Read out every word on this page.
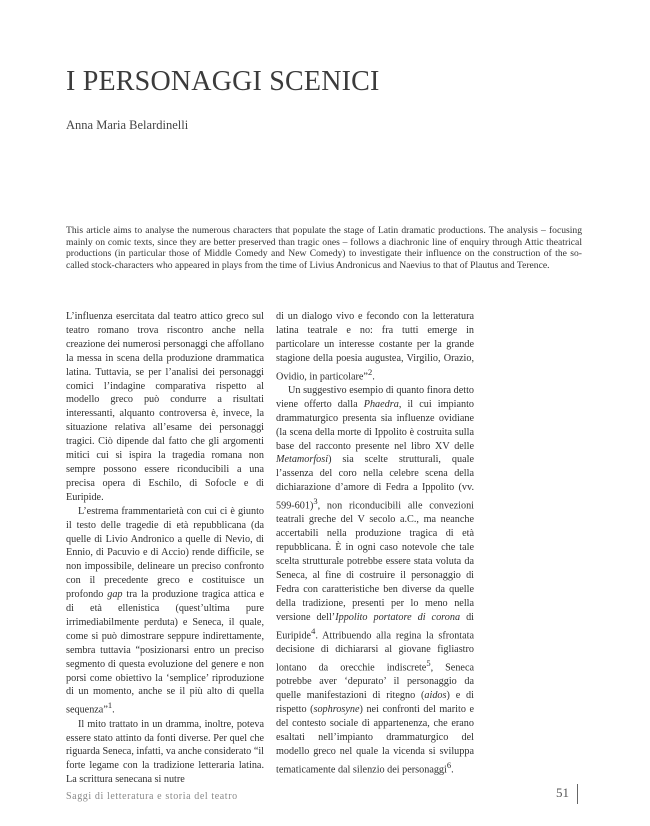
I PERSONAGGI SCENICI
Anna Maria Belardinelli

This article aims to analyse the numerous characters that populate the stage of Latin dramatic productions. The analysis – focusing mainly on comic texts, since they are better preserved than tragic ones – follows a diachronic line of enquiry through Attic theatrical productions (in particular those of Middle Comedy and New Comedy) to investigate their influence on the construction of the so-called stock-characters who appeared in plays from the time of Livius Andronicus and Naevius to that of Plautus and Terence.

L’influenza esercitata dal teatro attico greco sul teatro romano trova riscontro anche nella creazione dei numerosi personaggi che affollano la messa in scena della produzione drammatica latina. Tuttavia, se per l’analisi dei personaggi comici l’indagine comparativa rispetto al modello greco può condurre a risultati interessanti, alquanto controversa è, invece, la situazione relativa all’esame dei personaggi tragici. Ciò dipende dal fatto che gli argomenti mitici cui si ispira la tragedia romana non sempre possono essere riconducibili a una precisa opera di Eschilo, di Sofocle e di Euripide.

L’estrema frammentarietà con cui ci è giunto il testo delle tragedie di età repubblicana (da quelle di Livio Andronico a quelle di Nevio, di Ennio, di Pacuvio e di Accio) rende difficile, se non impossibile, delineare un preciso confronto con il precedente greco e costituisce un profondo gap tra la produzione tragica attica e di età ellenistica (quest’ultima pure irrimediabilmente perduta) e Seneca, il quale, come si può dimostrare seppure indirettamente, sembra tuttavia “posizionarsi entro un preciso segmento di questa evoluzione del genere e non porsi come obiettivo la ‘semplice’ riproduzione di un momento, anche se il più alto di quella sequenza”$^1$.

Il mito trattato in un dramma, inoltre, poteva essere stato attinto da fonti diverse. Per quel che riguarda Seneca, infatti, va anche considerato “il forte legame con la tradizione letteraria latina. La scrittura senecana si nutre

di un dialogo vivo e fecondo con la letteratura latina teatrale e no: fra tutti emerge in particolare un interesse costante per la grande stagione della poesia augustea, Virgilio, Orazio, Ovidio, in particolare”$^2$.

Un suggestivo esempio di quanto finora detto viene offerto dalla Phaedra, il cui impianto drammaturgico presenta sia influenze ovidiane (la scena della morte di Ippolito è costruita sulla base del racconto presente nel libro XV delle Metamorfosi) sia scelte strutturali, quale l’assenza del coro nella celebre scena della dichiarazione d’amore di Fedra a Ippolito (vv. 599-601)$^3$, non riconducibili alle convezioni teatrali greche del V secolo a.C., ma neanche accertabili nella produzione tragica di età repubblicana. È in ogni caso notevole che tale scelta strutturale potrebbe essere stata voluta da Seneca, al fine di costruire il personaggio di Fedra con caratteristiche ben diverse da quelle della tradizione, presenti per lo meno nella versione dell’Ippolito portatore di corona di Euripide$^4$. Attribuendo alla regina la sfrontata decisione di dichiararsi al giovane figliastro lontano da orecchie indiscrete$^5$, Seneca potrebbe aver ‘depurato’ il personaggio da quelle manifestazioni di ritegno (aidos) e di rispetto (sophrosyne) nei confronti del marito e del contesto sociale di appartenenza, che erano esaltati nell’impianto drammaturgico del modello greco nel quale la vicenda si sviluppa tematicamente dal silenzio dei personaggi$^6$.

Saggi di letteratura e storia del teatro	51
